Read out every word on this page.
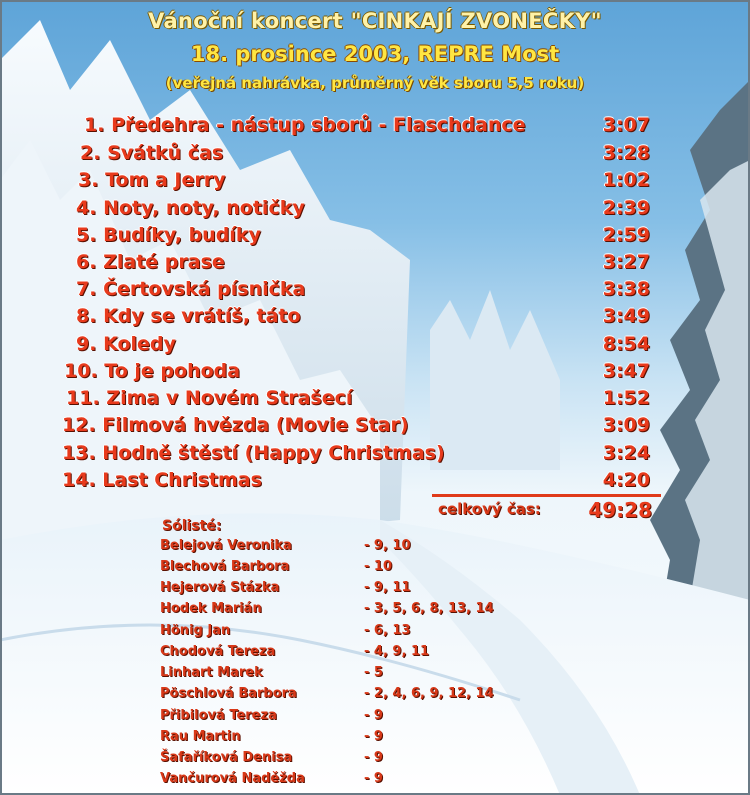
Vánoční koncert "CINKAJÍ ZVONEČKY"
18. prosince 2003, REPRE Most
(veřejná nahrávka, průměrný věk sboru 5,5 roku)
1. Předehra - nástup sborů - Flaschdance	3:07
2. Svátků čas	3:28
3. Tom a Jerry	1:02
4. Noty, noty, notičky	2:39
5. Budíky, budíky	2:59
6. Zlaté prase	3:27
7. Čertovská písnička	3:38
8. Kdy se vrátíš, táto	3:49
9. Koledy	8:54
10. To je pohoda	3:47
11. Zima v Novém Strašecí	1:52
12. Filmová hvězda (Movie Star)	3:09
13. Hodně štěstí (Happy Christmas)	3:24
14. Last Christmas	4:20
celkový čas: 49:28
Sólisté:
Belejová Veronika	- 9, 10
Blechová Barbora	- 10
Hejerová Stázka	- 9, 11
Hodek Marián	- 3, 5, 6, 8, 13, 14
Hönig Jan	- 6, 13
Chodová Tereza	- 4, 9, 11
Linhart Marek	- 5
Pöschlová Barbora	- 2, 4, 6, 9, 12, 14
Přibilová Tereza	- 9
Rau Martin	- 9
Šafaříková Denisa	- 9
Vančurová Naděžda	- 9
